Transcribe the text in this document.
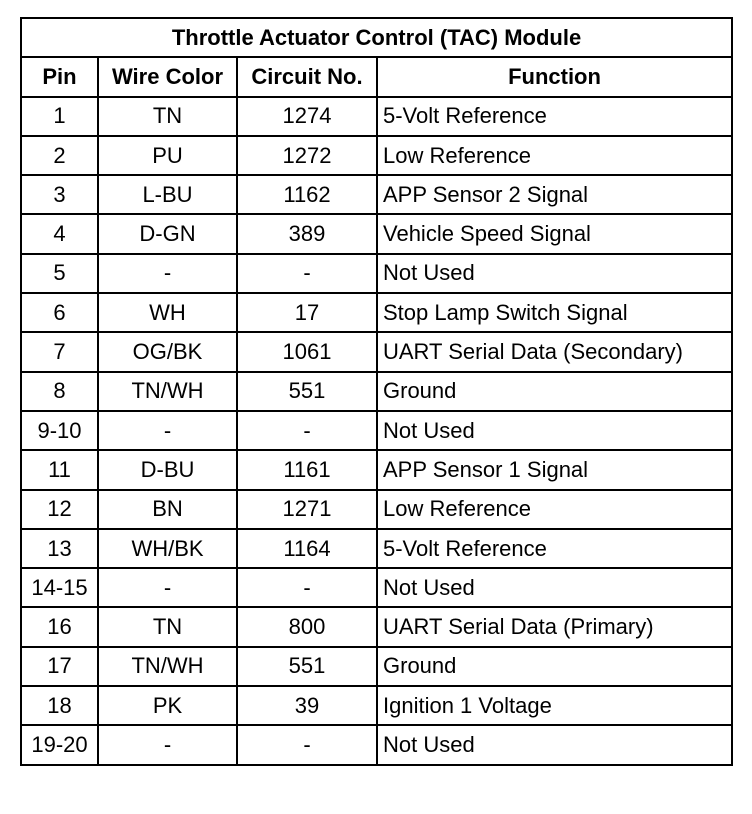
Throttle Actuator Control (TAC) Module			
Pin	Wire Color	Circuit No.	Function
1	TN	1274	5-Volt Reference
2	PU	1272	Low Reference
3	L-BU	1162	APP Sensor 2 Signal
4	D-GN	389	Vehicle Speed Signal
5	-	-	Not Used
6	WH	17	Stop Lamp Switch Signal
7	OG/BK	1061	UART Serial Data (Secondary)
8	TN/WH	551	Ground
9-10	-	-	Not Used
11	D-BU	1161	APP Sensor 1 Signal
12	BN	1271	Low Reference
13	WH/BK	1164	5-Volt Reference
14-15	-	-	Not Used
16	TN	800	UART Serial Data (Primary)
17	TN/WH	551	Ground
18	PK	39	Ignition 1 Voltage
19-20	-	-	Not Used
